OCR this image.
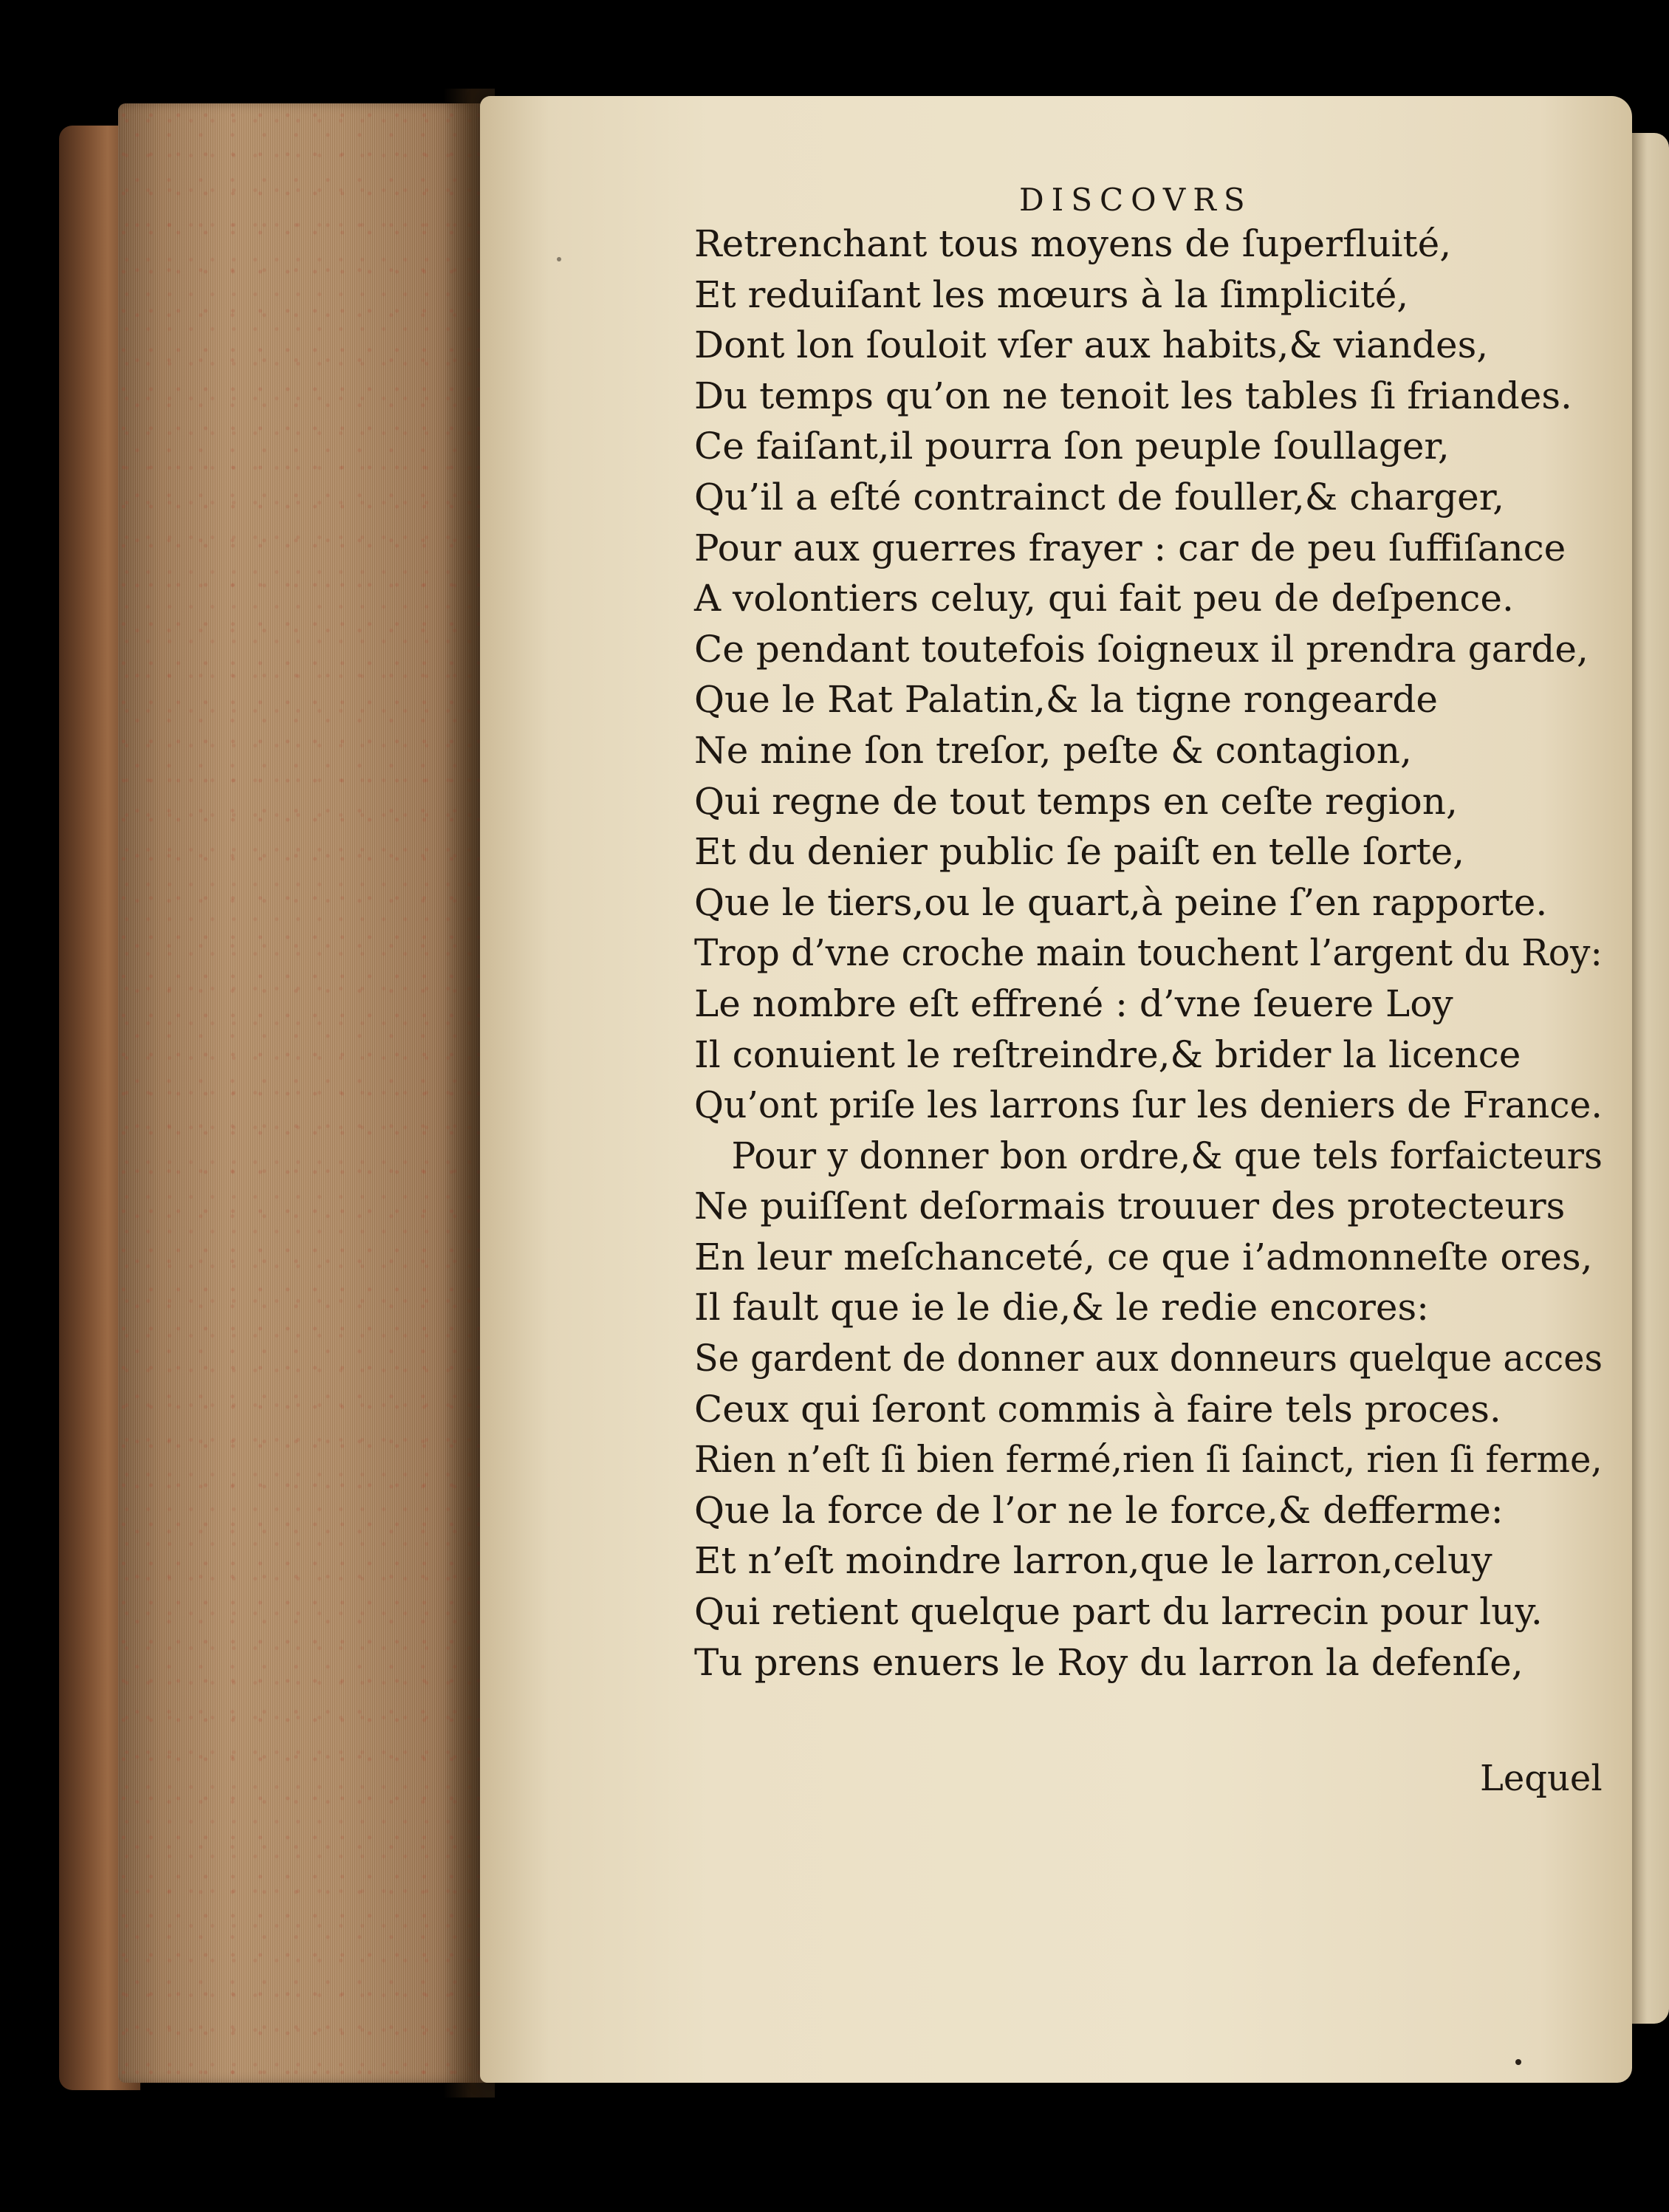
DISCOVRS
Retrenchant tous moyens de ſuperfluité,
Et reduiſant les mœurs à la ſimplicité,
Dont lon ſouloit vſer aux habits,& viandes,
Du temps qu’on ne tenoit les tables ſi friandes.
Ce faiſant,il pourra ſon peuple ſoullager,
Qu’il a eſté contrainct de fouller,& charger,
Pour aux guerres frayer : car de peu ſuffiſance
A volontiers celuy, qui fait peu de deſpence.
Ce pendant toutefois ſoigneux il prendra garde,
Que le Rat Palatin,& la tigne rongearde
Ne mine ſon treſor, peſte & contagion,
Qui regne de tout temps en ceſte region,
Et du denier public ſe paiſt en telle ſorte,
Que le tiers,ou le quart,à peine ſ’en rapporte.
Trop d’vne croche main touchent l’argent du Roy:
Le nombre eſt effrené : d’vne ſeuere Loy
Il conuient le reſtreindre,& brider la licence
Qu’ont priſe les larrons ſur les deniers de France.
Pour y donner bon ordre,& que tels forfaicteurs
Ne puiſſent deſormais trouuer des protecteurs
En leur meſchanceté, ce que i’admonneſte ores,
Il fault que ie le die,& le redie encores:
Se gardent de donner aux donneurs quelque acces
Ceux qui ſeront commis à faire tels proces.
Rien n’eſt ſi bien fermé,rien ſi ſainct, rien ſi ferme,
Que la force de l’or ne le force,& defferme:
Et n’eſt moindre larron,que le larron,celuy
Qui retient quelque part du larrecin pour luy.
Tu prens enuers le Roy du larron la defenſe,
Lequel
